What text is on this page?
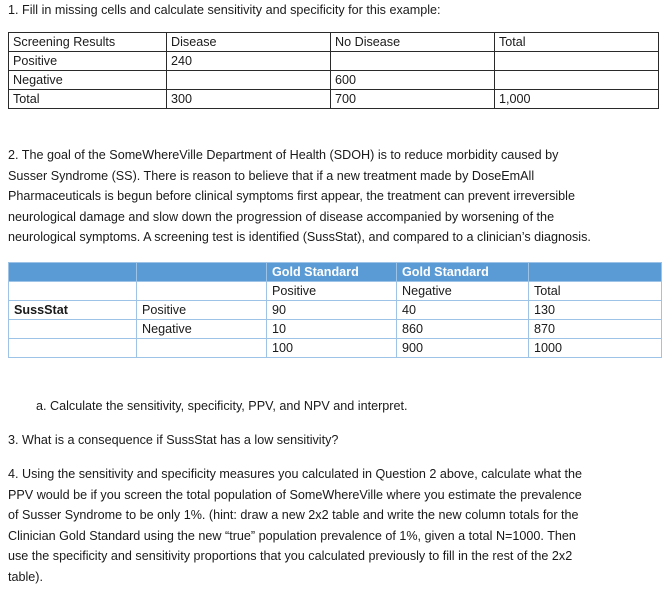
1. Fill in missing cells and calculate sensitivity and specificity for this example:
Screening Results	Disease	No Disease	Total
Positive	240		
Negative		600	
Total	300	700	1,000
2. The goal of the SomeWhereVille Department of Health (SDOH) is to reduce morbidity caused by
Susser Syndrome (SS). There is reason to believe that if a new treatment made by DoseEmAll
Pharmaceuticals is begun before clinical symptoms first appear, the treatment can prevent irreversible
neurological damage and slow down the progression of disease accompanied by worsening of the
neurological symptoms. A screening test is identified (SussStat), and compared to a clinician’s diagnosis.
		Gold Standard	Gold Standard	
		Positive	Negative	Total
SussStat	Positive	90	40	130
	Negative	10	860	870
		100	900	1000
a. Calculate the sensitivity, specificity, PPV, and NPV and interpret.
3. What is a consequence if SussStat has a low sensitivity?
4. Using the sensitivity and specificity measures you calculated in Question 2 above, calculate what the
PPV would be if you screen the total population of SomeWhereVille where you estimate the prevalence
of Susser Syndrome to be only 1%. (hint: draw a new 2x2 table and write the new column totals for the
Clinician Gold Standard using the new “true” population prevalence of 1%, given a total N=1000. Then
use the specificity and sensitivity proportions that you calculated previously to fill in the rest of the 2x2
table).
